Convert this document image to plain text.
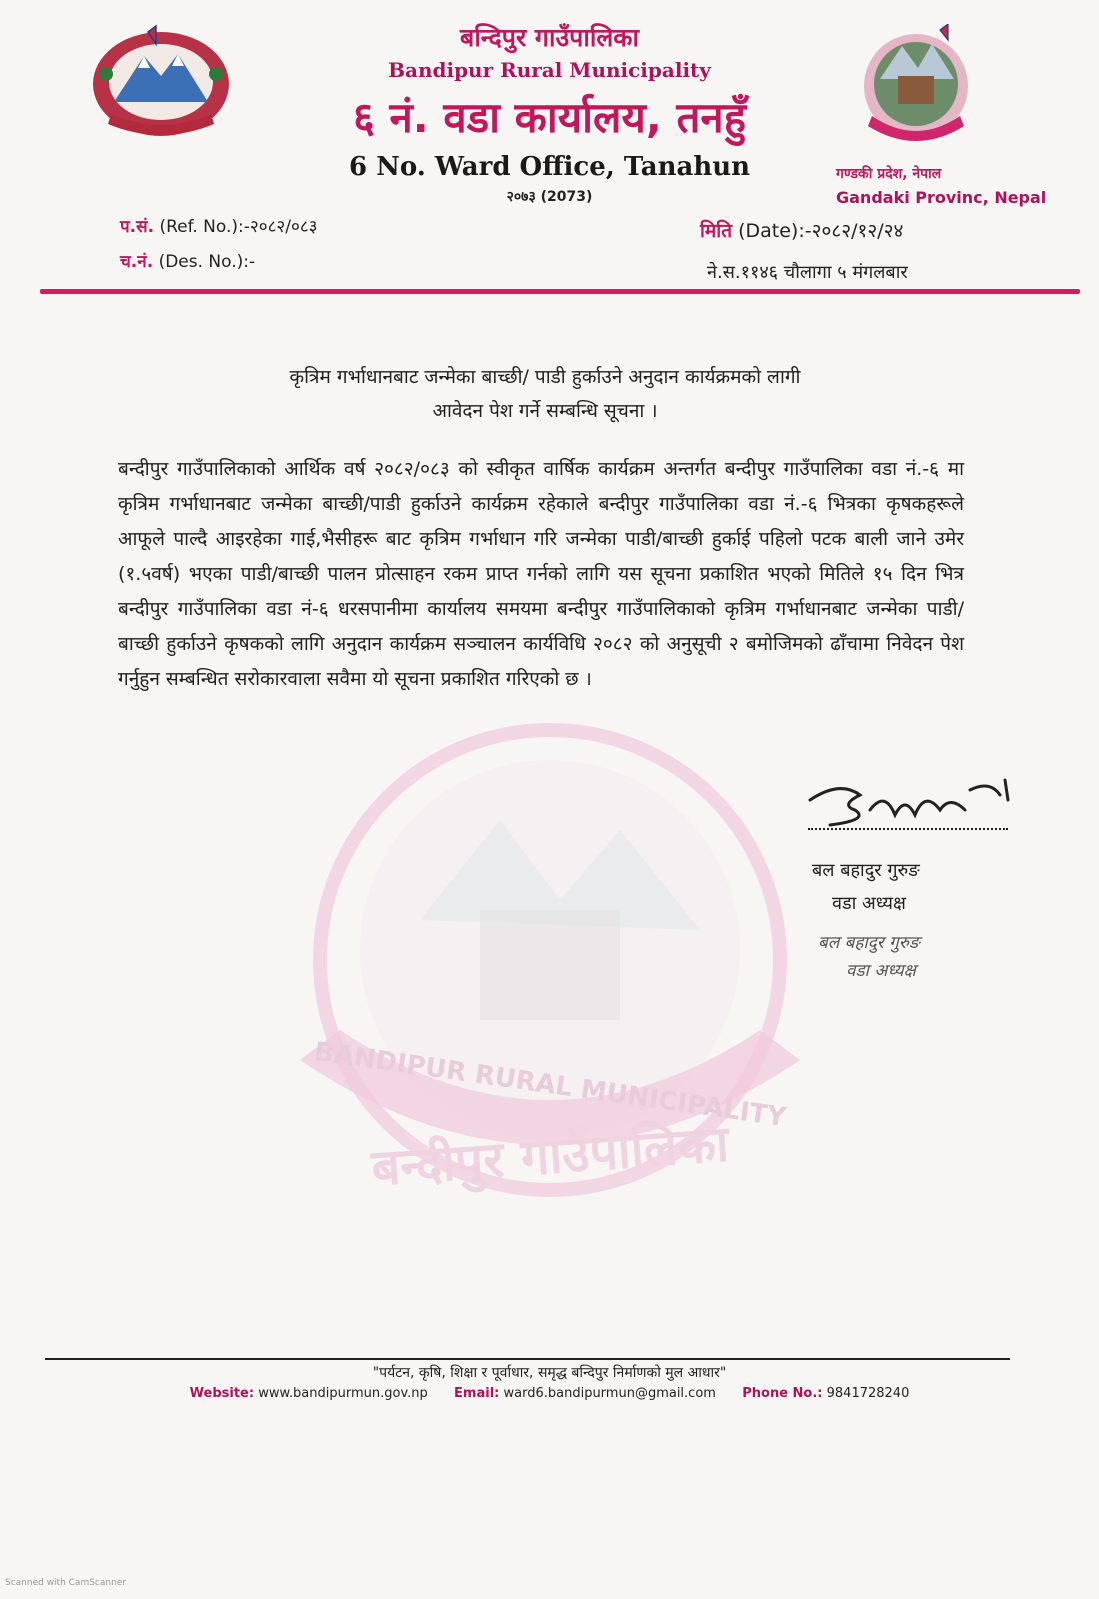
बन्दिपुर गाउँपालिका
Bandipur Rural Municipality
६ नं. वडा कार्यालय, तनहुँ
6 No. Ward Office, Tanahun
२०७३ (2073)
गण्डकी प्रदेश, नेपाल
Gandaki Provinc, Nepal
प.सं. (Ref. No.):-२०८२/०८३
च.नं. (Des. No.):-
मिति (Date):-२०८२/१२/२४
ने.स.११४६ चौलागा ५ मंगलबार
कृत्रिम गर्भाधानबाट जन्मेका बाच्छी/ पाडी हुर्काउने अनुदान कार्यक्रमको लागी
आवेदन पेश गर्ने सम्बन्धि सूचना ।
बन्दीपुर गाउँपालिकाको आर्थिक वर्ष २०८२/०८३ को स्वीकृत वार्षिक कार्यक्रम अन्तर्गत बन्दीपुर गाउँपालिका वडा नं.-६ मा कृत्रिम गर्भाधानबाट जन्मेका बाच्छी/पाडी हुर्काउने कार्यक्रम रहेकाले बन्दीपुर गाउँपालिका वडा नं.-६ भित्रका कृषकहरूले आफूले पाल्दै आइरहेका गाई,भैसीहरू बाट कृत्रिम गर्भाधान गरि जन्मेका पाडी/बाच्छी हुर्काई पहिलो पटक बाली जाने उमेर (१.५वर्ष) भएका पाडी/बाच्छी पालन प्रोत्साहन रकम प्राप्त गर्नको लागि यस सूचना प्रकाशित भएको मितिले १५ दिन भित्र बन्दीपुर गाउँपालिका वडा नं-६ धरसपानीमा कार्यालय समयमा बन्दीपुर गाउँपालिकाको कृत्रिम गर्भाधानबाट जन्मेका पाडी/बाच्छी हुर्काउने कृषकको लागि अनुदान कार्यक्रम सञ्चालन कार्यविधि २०८२ को अनुसूची २ बमोजिमको ढाँचामा निवेदन पेश गर्नुहुन सम्बन्धित सरोकारवाला सवैमा यो सूचना प्रकाशित गरिएको छ ।
बल बहादुर गुरुङ
वडा अध्यक्ष
बल बहादुर गुरुङ
वडा अध्यक्ष
BANDIPUR RURAL MUNICIPALITY
बन्दीपुर गाउँपालिका
"पर्यटन, कृषि, शिक्षा र पूर्वाधार, समृद्ध बन्दिपुर निर्माणको मुल आधार"
Website: www.bandipurmun.gov.np Email: ward6.bandipurmun@gmail.com Phone No.: 9841728240
Scanned with CamScanner
